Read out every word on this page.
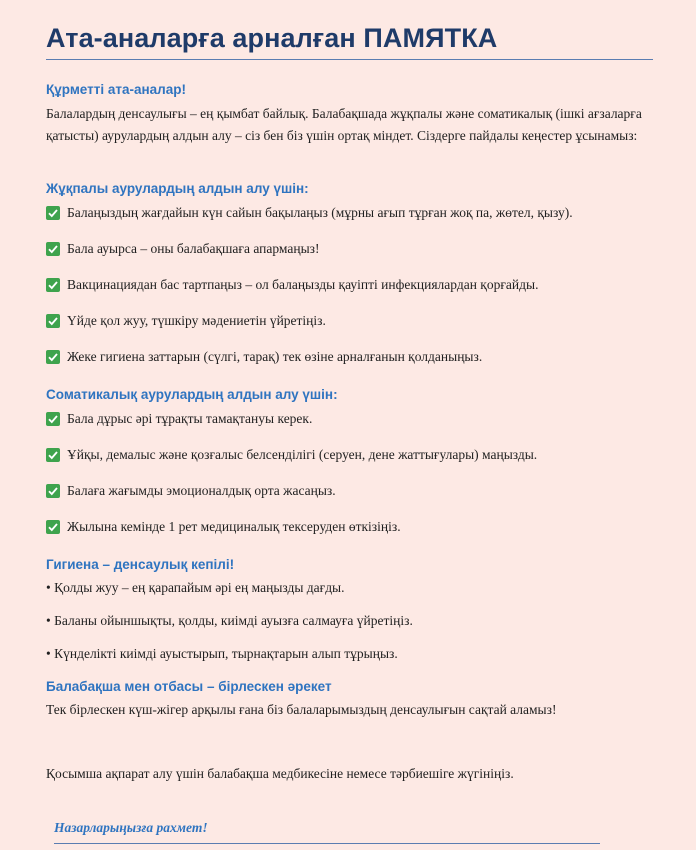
Ата-аналарға арналған ПАМЯТКА
Құрметті ата-аналар!

Балалардың денсаулығы – ең қымбат байлық. Балабақшада жұқпалы және соматикалық (ішкі ағзаларға қатысты) аурулардың алдын алу – сіз бен біз үшін ортақ міндет. Сіздерге пайдалы кеңестер ұсынамыз:

Жұқпалы аурулардың алдын алу үшін:
Балаңыздың жағдайын күн сайын бақылаңыз (мұрны ағып тұрған жоқ па, жөтел, қызу).
Бала ауырса – оны балабақшаға апармаңыз!
Вакцинациядан бас тартпаңыз – ол балаңызды қауіпті инфекциялардан қорғайды.
Үйде қол жуу, түшкіру мәдениетін үйретіңіз.
Жеке гигиена заттарын (сүлгі, тарақ) тек өзіне арналғанын қолданыңыз.
Соматикалық аурулардың алдын алу үшін:
Бала дұрыс әрі тұрақты тамақтануы керек.
Ұйқы, демалыс және қозғалыс белсенділігі (серуен, дене жаттығулары) маңызды.
Балаға жағымды эмоционалдық орта жасаңыз.
Жылына кемінде 1 рет медициналық тексеруден өткізіңіз.
Гигиена – денсаулық кепілі!
• Қолды жуу – ең қарапайым әрі ең маңызды дағды.
• Баланы ойыншықты, қолды, киімді ауызға салмауға үйретіңіз.
• Күнделікті киімді ауыстырып, тырнақтарын алып тұрыңыз.
Балабақша мен отбасы – бірлескен әрекет
Тек бірлескен күш-жігер арқылы ғана біз балаларымыздың денсаулығын сақтай аламыз!
Қосымша ақпарат алу үшін балабақша медбикесіне немесе тәрбиешіге жүгініңіз.
Назарларыңызға рахмет!
